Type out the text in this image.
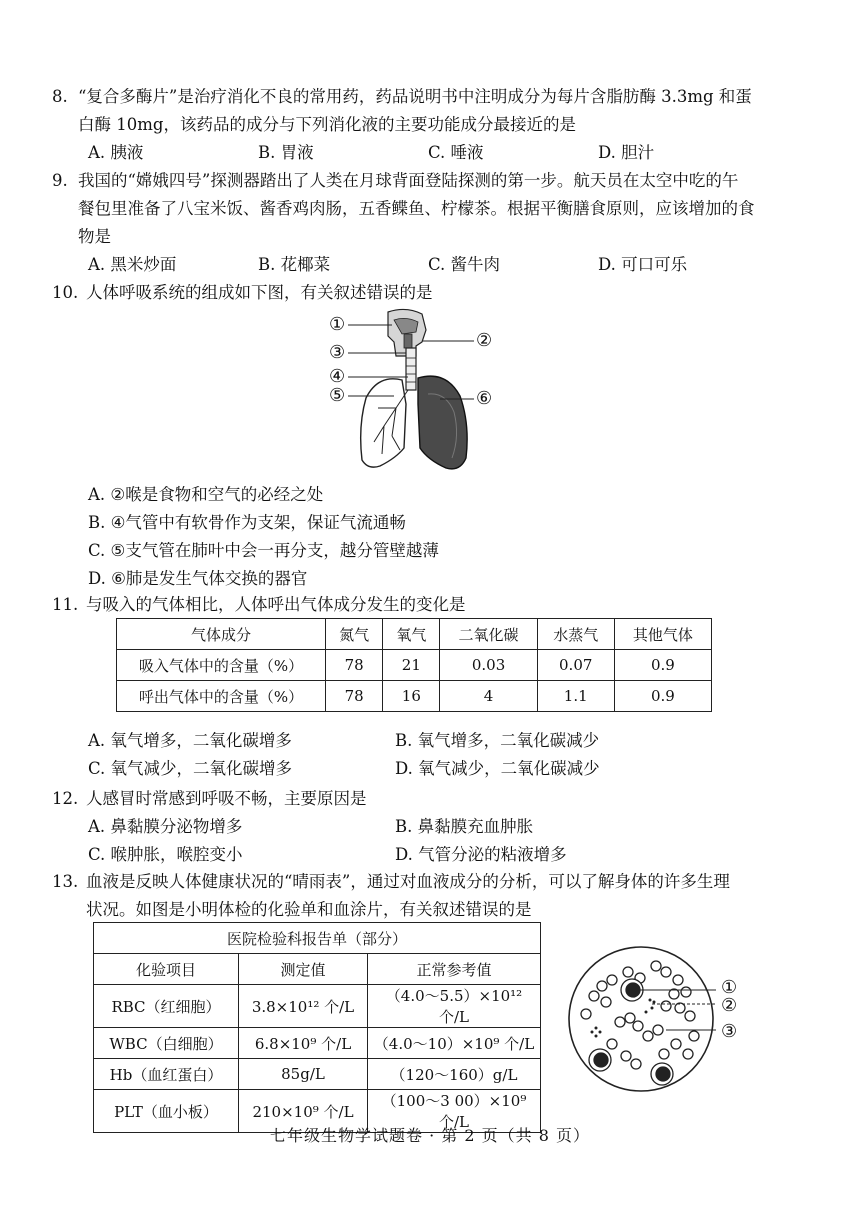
8. “复合多酶片”是治疗消化不良的常用药，药品说明书中注明成分为每片含脂肪酶 3.3mg 和蛋
白酶 10mg，该药品的成分与下列消化液的主要功能成分最接近的是
A. 胰液	B. 胃液	C. 唾液	D. 胆汁
9. 我国的“嫦娥四号”探测器踏出了人类在月球背面登陆探测的第一步。航天员在太空中吃的午
餐包里准备了八宝米饭、酱香鸡肉肠，五香鲽鱼、柠檬茶。根据平衡膳食原则，应该增加的食
物是
A. 黑米炒面	B. 花椰菜	C. 酱牛肉	D. 可口可乐
10. 人体呼吸系统的组成如下图，有关叙述错误的是
①
②
③
④
⑤	⑥
A. ②喉是食物和空气的必经之处
B. ④气管中有软骨作为支架，保证气流通畅
C. ⑤支气管在肺叶中会一再分支，越分管壁越薄
D. ⑥肺是发生气体交换的器官
11. 与吸入的气体相比，人体呼出气体成分发生的变化是
气体成分	氮气	氧气	二氧化碳	水蒸气	其他气体
吸入气体中的含量（%）	78	21	0.03	0.07	0.9
呼出气体中的含量（%）	78	16	4	1.1	0.9
A. 氧气增多，二氧化碳增多	B. 氧气增多，二氧化碳减少
C. 氧气减少，二氧化碳增多	D. 氧气减少，二氧化碳减少
12. 人感冒时常感到呼吸不畅，主要原因是
A. 鼻黏膜分泌物增多	B. 鼻黏膜充血肿胀
C. 喉肿胀，喉腔变小	D. 气管分泌的粘液增多
13. 血液是反映人体健康状况的“晴雨表”，通过对血液成分的分析，可以了解身体的许多生理
状况。如图是小明体检的化验单和血涂片，有关叙述错误的是
医院检验科报告单（部分）		
化验项目	测定值	正常参考值
RBC（红细胞）	3.8×10¹² 个/L	（4.0～5.5）×10¹² 个/L
WBC（白细胞）	6.8×10⁹ 个/L	（4.0～10）×10⁹ 个/L
Hb（血红蛋白）	85g/L	（120～160）g/L
PLT（血小板）	210×10⁹ 个/L	（100～3 00）×10⁹ 个/L
①
②
③
七年级生物学试题卷 · 第 2 页（共 8 页）
